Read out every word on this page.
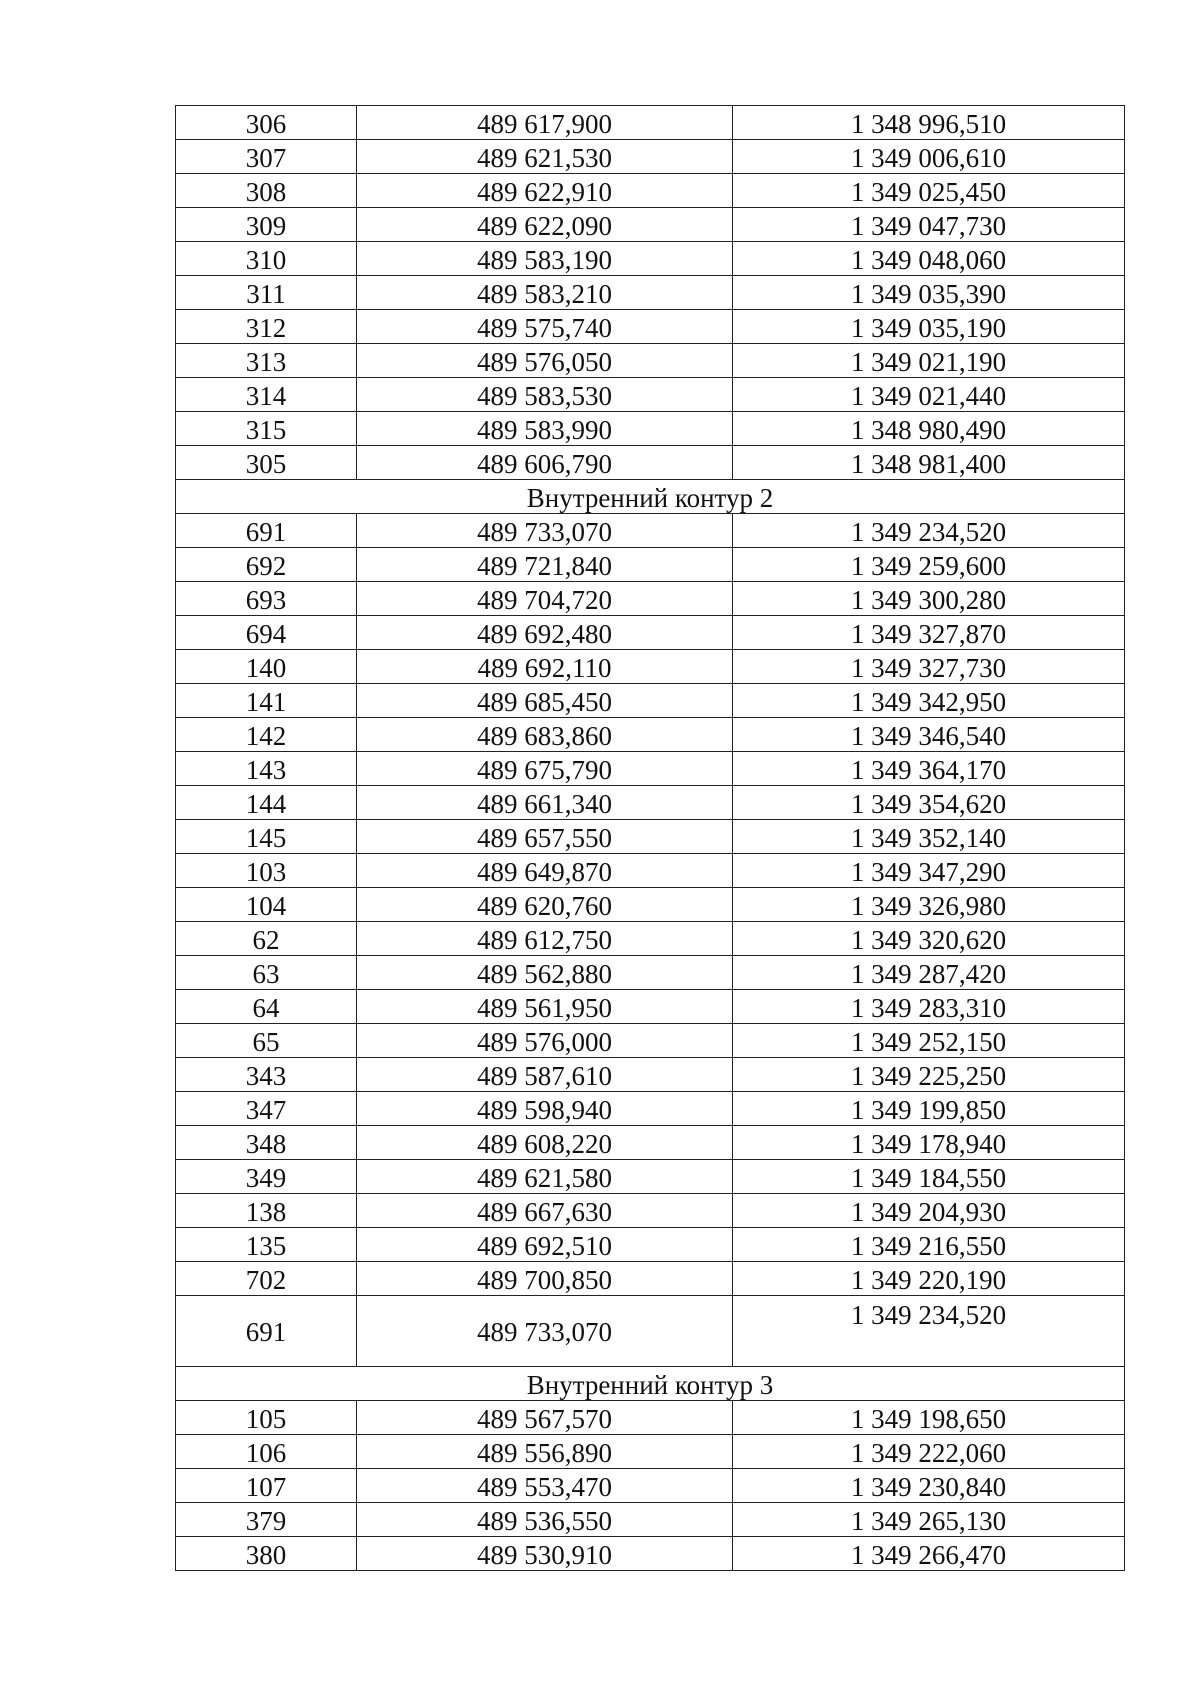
306	489 617,900	1 348 996,510
307	489 621,530	1 349 006,610
308	489 622,910	1 349 025,450
309	489 622,090	1 349 047,730
310	489 583,190	1 349 048,060
311	489 583,210	1 349 035,390
312	489 575,740	1 349 035,190
313	489 576,050	1 349 021,190
314	489 583,530	1 349 021,440
315	489 583,990	1 348 980,490
305	489 606,790	1 348 981,400
Внутренний контур 2		
691	489 733,070	1 349 234,520
692	489 721,840	1 349 259,600
693	489 704,720	1 349 300,280
694	489 692,480	1 349 327,870
140	489 692,110	1 349 327,730
141	489 685,450	1 349 342,950
142	489 683,860	1 349 346,540
143	489 675,790	1 349 364,170
144	489 661,340	1 349 354,620
145	489 657,550	1 349 352,140
103	489 649,870	1 349 347,290
104	489 620,760	1 349 326,980
62	489 612,750	1 349 320,620
63	489 562,880	1 349 287,420
64	489 561,950	1 349 283,310
65	489 576,000	1 349 252,150
343	489 587,610	1 349 225,250
347	489 598,940	1 349 199,850
348	489 608,220	1 349 178,940
349	489 621,580	1 349 184,550
138	489 667,630	1 349 204,930
135	489 692,510	1 349 216,550
702	489 700,850	1 349 220,190
691	489 733,070	1 349 234,520
Внутренний контур 3		
105	489 567,570	1 349 198,650
106	489 556,890	1 349 222,060
107	489 553,470	1 349 230,840
379	489 536,550	1 349 265,130
380	489 530,910	1 349 266,470
